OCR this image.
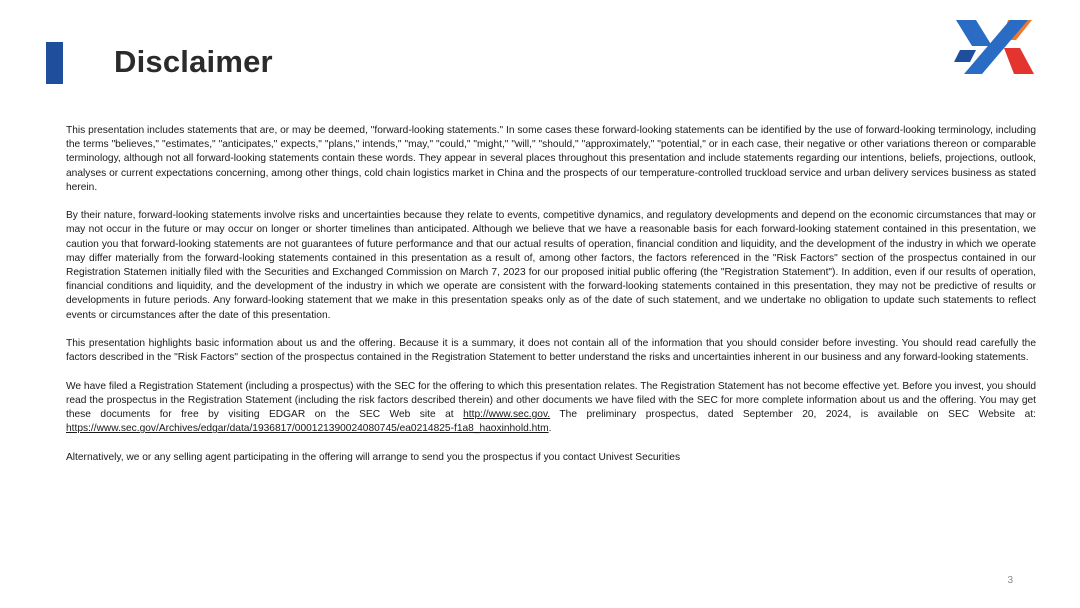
Disclaimer

This presentation includes statements that are, or may be deemed, "forward-looking statements." In some cases these forward-looking statements can be identified by the use of forward-looking terminology, including the terms "believes," "estimates," "anticipates," expects," "plans," intends," "may," "could," "might," "will," "should," "approximately," "potential," or in each case, their negative or other variations thereon or comparable terminology, although not all forward-looking statements contain these words. They appear in several places throughout this presentation and include statements regarding our intentions, beliefs, projections, outlook, analyses or current expectations concerning, among other things, cold chain logistics market in China and the prospects of our temperature-controlled truckload service and urban delivery services business as stated herein.

By their nature, forward-looking statements involve risks and uncertainties because they relate to events, competitive dynamics, and regulatory developments and depend on the economic circumstances that may or may not occur in the future or may occur on longer or shorter timelines than anticipated. Although we believe that we have a reasonable basis for each forward-looking statement contained in this presentation, we caution you that forward-looking statements are not guarantees of future performance and that our actual results of operation, financial condition and liquidity, and the development of the industry in which we operate may differ materially from the forward-looking statements contained in this presentation as a result of, among other factors, the factors referenced in the "Risk Factors" section of the prospectus contained in our Registration Statemen initially filed with the Securities and Exchanged Commission on March 7, 2023 for our proposed initial public offering (the "Registration Statement"). In addition, even if our results of operation, financial conditions and liquidity, and the development of the industry in which we operate are consistent with the forward-looking statements contained in this presentation, they may not be predictive of results or developments in future periods. Any forward-looking statement that we make in this presentation speaks only as of the date of such statement, and we undertake no obligation to update such statements to reflect events or circumstances after the date of this presentation.

This presentation highlights basic information about us and the offering. Because it is a summary, it does not contain all of the information that you should consider before investing. You should read carefully the factors described in the "Risk Factors" section of the prospectus contained in the Registration Statement to better understand the risks and uncertainties inherent in our business and any forward-looking statements.

We have filed a Registration Statement (including a prospectus) with the SEC for the offering to which this presentation relates. The Registration Statement has not become effective yet. Before you invest, you should read the prospectus in the Registration Statement (including the risk factors described therein) and other documents we have filed with the SEC for more complete information about us and the offering. You may get these documents for free by visiting EDGAR on the SEC Web site at http://www.sec.gov. The preliminary prospectus, dated September 20, 2024, is available on SEC Website at: https://www.sec.gov/Archives/edgar/data/1936817/000121390024080745/ea0214825-f1a8_haoxinhold.htm.

Alternatively, we or any selling agent participating in the offering will arrange to send you the prospectus if you contact Univest Securities

3
